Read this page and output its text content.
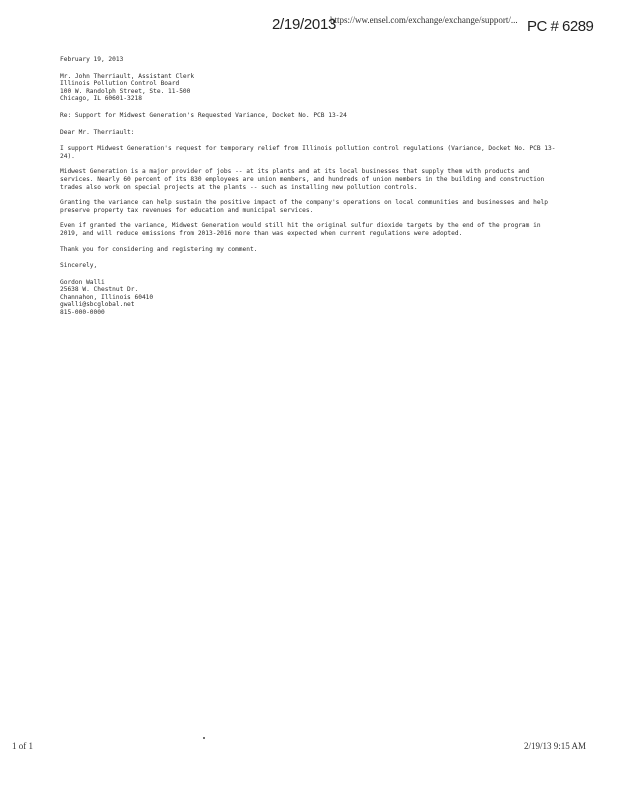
2/19/2013
https://ww.ensel.com/exchange/exchange/support/... PC # 6289

February 19, 2013

Mr. John Therriault, Assistant Clerk

Illinois Pollution Control Board

100 W. Randolph Street, Ste. 11-500

Chicago, IL 60601-3218

Re: Support for Midwest Generation's Requested Variance, Docket No. PCB 13-24

Dear Mr. Therriault:

I support Midwest Generation's request for temporary relief from Illinois pollution control regulations (Variance, Docket No. PCB 13-24).

Midwest Generation is a major provider of jobs -- at its plants and at its local businesses that supply them with products and services. Nearly 60 percent of its 830 employees are union members, and hundreds of union members in the building and construction trades also work on special projects at the plants -- such as installing new pollution controls.

Granting the variance can help sustain the positive impact of the company's operations on local communities and businesses and help preserve property tax revenues for education and municipal services.

Even if granted the variance, Midwest Generation would still hit the original sulfur dioxide targets by the end of the program in 2019, and will reduce emissions from 2013-2016 more than was expected when current regulations were adopted.

Thank you for considering and registering my comment.

Sincerely,

Gordon Walli

25638 W. Chestnut Dr.

Channahon, Illinois 60410

gwalli@sbcglobal.net

815-000-0000

1 of 1	2/19/13 9:15 AM
